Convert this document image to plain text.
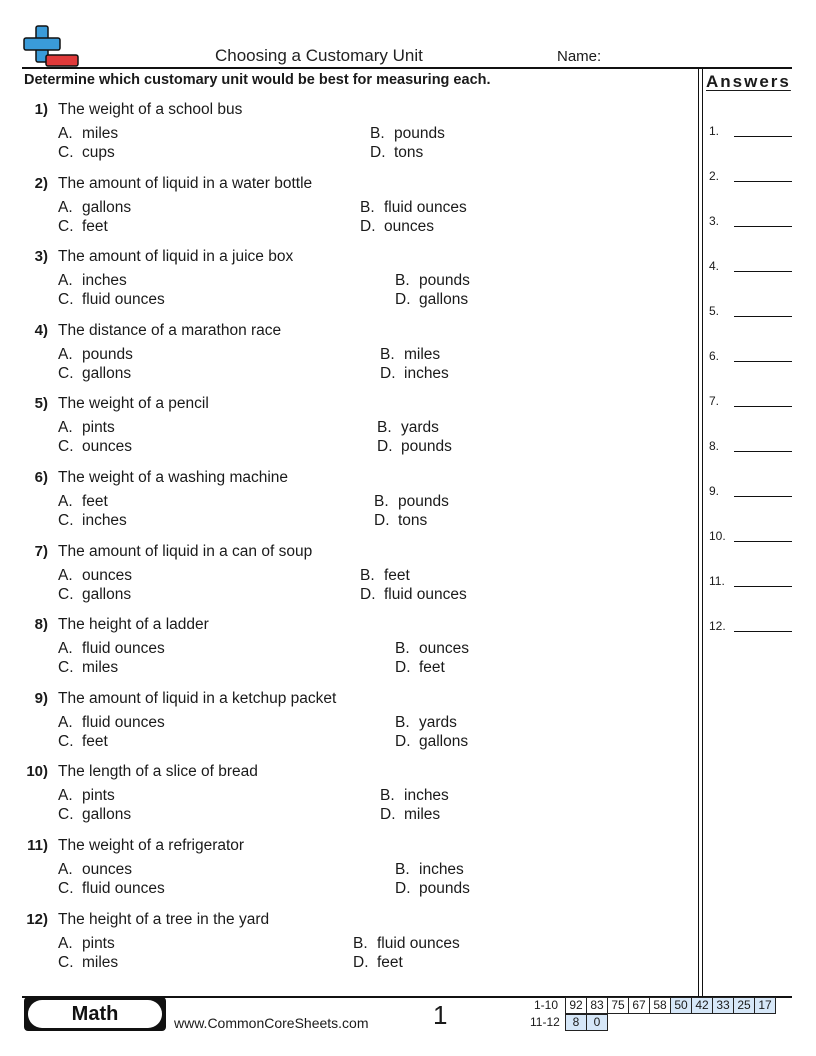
Choosing a Customary Unit	Name:
Determine which customary unit would be best for measuring each.	Answers
1.
2.
3.
4.
5.
6.
7.
8.
9.
10.
11.
12.
1) The weight of a school bus
A. miles	B. pounds
C. cups	D. tons
2) The amount of liquid in a water bottle
A. gallons	B. fluid ounces
C. feet	D. ounces
3) The amount of liquid in a juice box
A. inches	B. pounds
C. fluid ounces	D. gallons
4) The distance of a marathon race
A. pounds	B. miles
C. gallons	D. inches
5) The weight of a pencil
A. pints	B. yards
C. ounces	D. pounds
6) The weight of a washing machine
A. feet	B. pounds
C. inches	D. tons
7) The amount of liquid in a can of soup
A. ounces	B. feet
C. gallons	D. fluid ounces
8) The height of a ladder
A. fluid ounces	B. ounces
C. miles	D. feet
9) The amount of liquid in a ketchup packet
A. fluid ounces	B. yards
C. feet	D. gallons
10) The length of a slice of bread
A. pints	B. inches
C. gallons	D. miles
11) The weight of a refrigerator
A. ounces	B. inches
C. fluid ounces	D. pounds
12) The height of a tree in the yard
A. pints	B. fluid ounces
C. miles	D. feet
Math	www.CommonCoreSheets.com 1	1-10 92 83 75 67 58 50 42 33 25 17
11-12	8	0
